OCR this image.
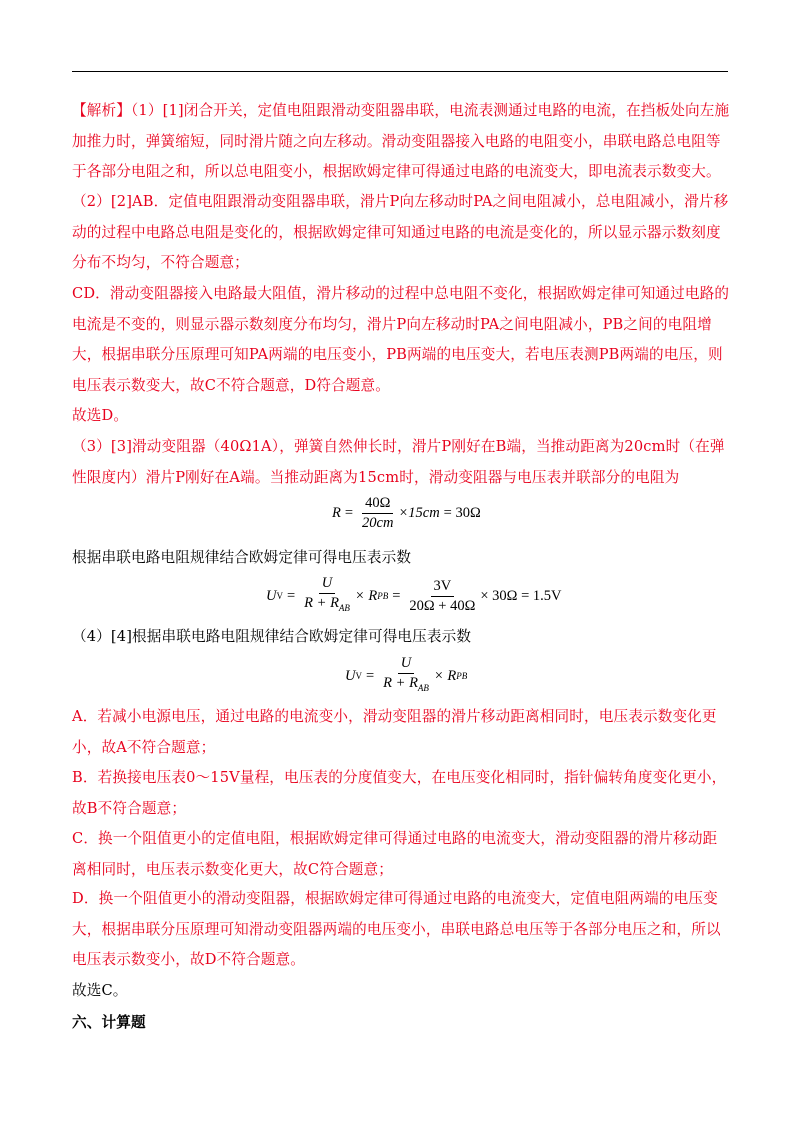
【解析】（1）[1]闭合开关，定值电阻跟滑动变阻器串联，电流表测通过电路的电流，在挡板处向左施加推力时，弹簧缩短，同时滑片随之向左移动。滑动变阻器接入电路的电阻变小，串联电路总电阻等于各部分电阻之和，所以总电阻变小，根据欧姆定律可得通过电路的电流变大，即电流表示数变大。
（2）[2]AB．定值电阻跟滑动变阻器串联，滑片P向左移动时PA之间电阻减小，总电阻减小，滑片移动的过程中电路总电阻是变化的，根据欧姆定律可知通过电路的电流是变化的，所以显示器示数刻度分布不均匀，不符合题意；
CD．滑动变阻器接入电路最大阻值，滑片移动的过程中总电阻不变化，根据欧姆定律可知通过电路的电流是不变的，则显示器示数刻度分布均匀，滑片P向左移动时PA之间电阻减小，PB之间的电阻增大，根据串联分压原理可知PA两端的电压变小，PB两端的电压变大，若电压表测PB两端的电压，则电压表示数变大，故C不符合题意，D符合题意。
故选D。
（3）[3]滑动变阻器（40Ω1A），弹簧自然伸长时，滑片P刚好在B端，当推动距离为20cm时（在弹性限度内）滑片P刚好在A端。当推动距离为15cm时，滑动变阻器与电压表并联部分的电阻为
$R = \frac{40\Omega}{20cm} \times 15cm = 30\Omega$
根据串联电路电阻规律结合欧姆定律可得电压表示数
U $V = \frac{U}{R + R_{AB}} \times R$ PB = $\frac{3V}{20\Omega + 40\Omega} \times 30\Omega = 1.5V$
（4）[4]根据串联电路电阻规律结合欧姆定律可得电压表示数
U $V = \frac{U}{R + R_{AB}} \times R$ PB
A．若减小电源电压，通过电路的电流变小，滑动变阻器的滑片移动距离相同时，电压表示数变化更小，故A不符合题意；
B．若换接电压表0～15V量程，电压表的分度值变大，在电压变化相同时，指针偏转角度变化更小，故B不符合题意；
C．换一个阻值更小的定值电阻，根据欧姆定律可得通过电路的电流变大，滑动变阻器的滑片移动距离相同时，电压表示数变化更大，故C符合题意；
D．换一个阻值更小的滑动变阻器，根据欧姆定律可得通过电路的电流变大，定值电阻两端的电压变大，根据串联分压原理可知滑动变阻器两端的电压变小，串联电路总电压等于各部分电压之和，所以电压表示数变小，故D不符合题意。
故选C。
六、计算题
